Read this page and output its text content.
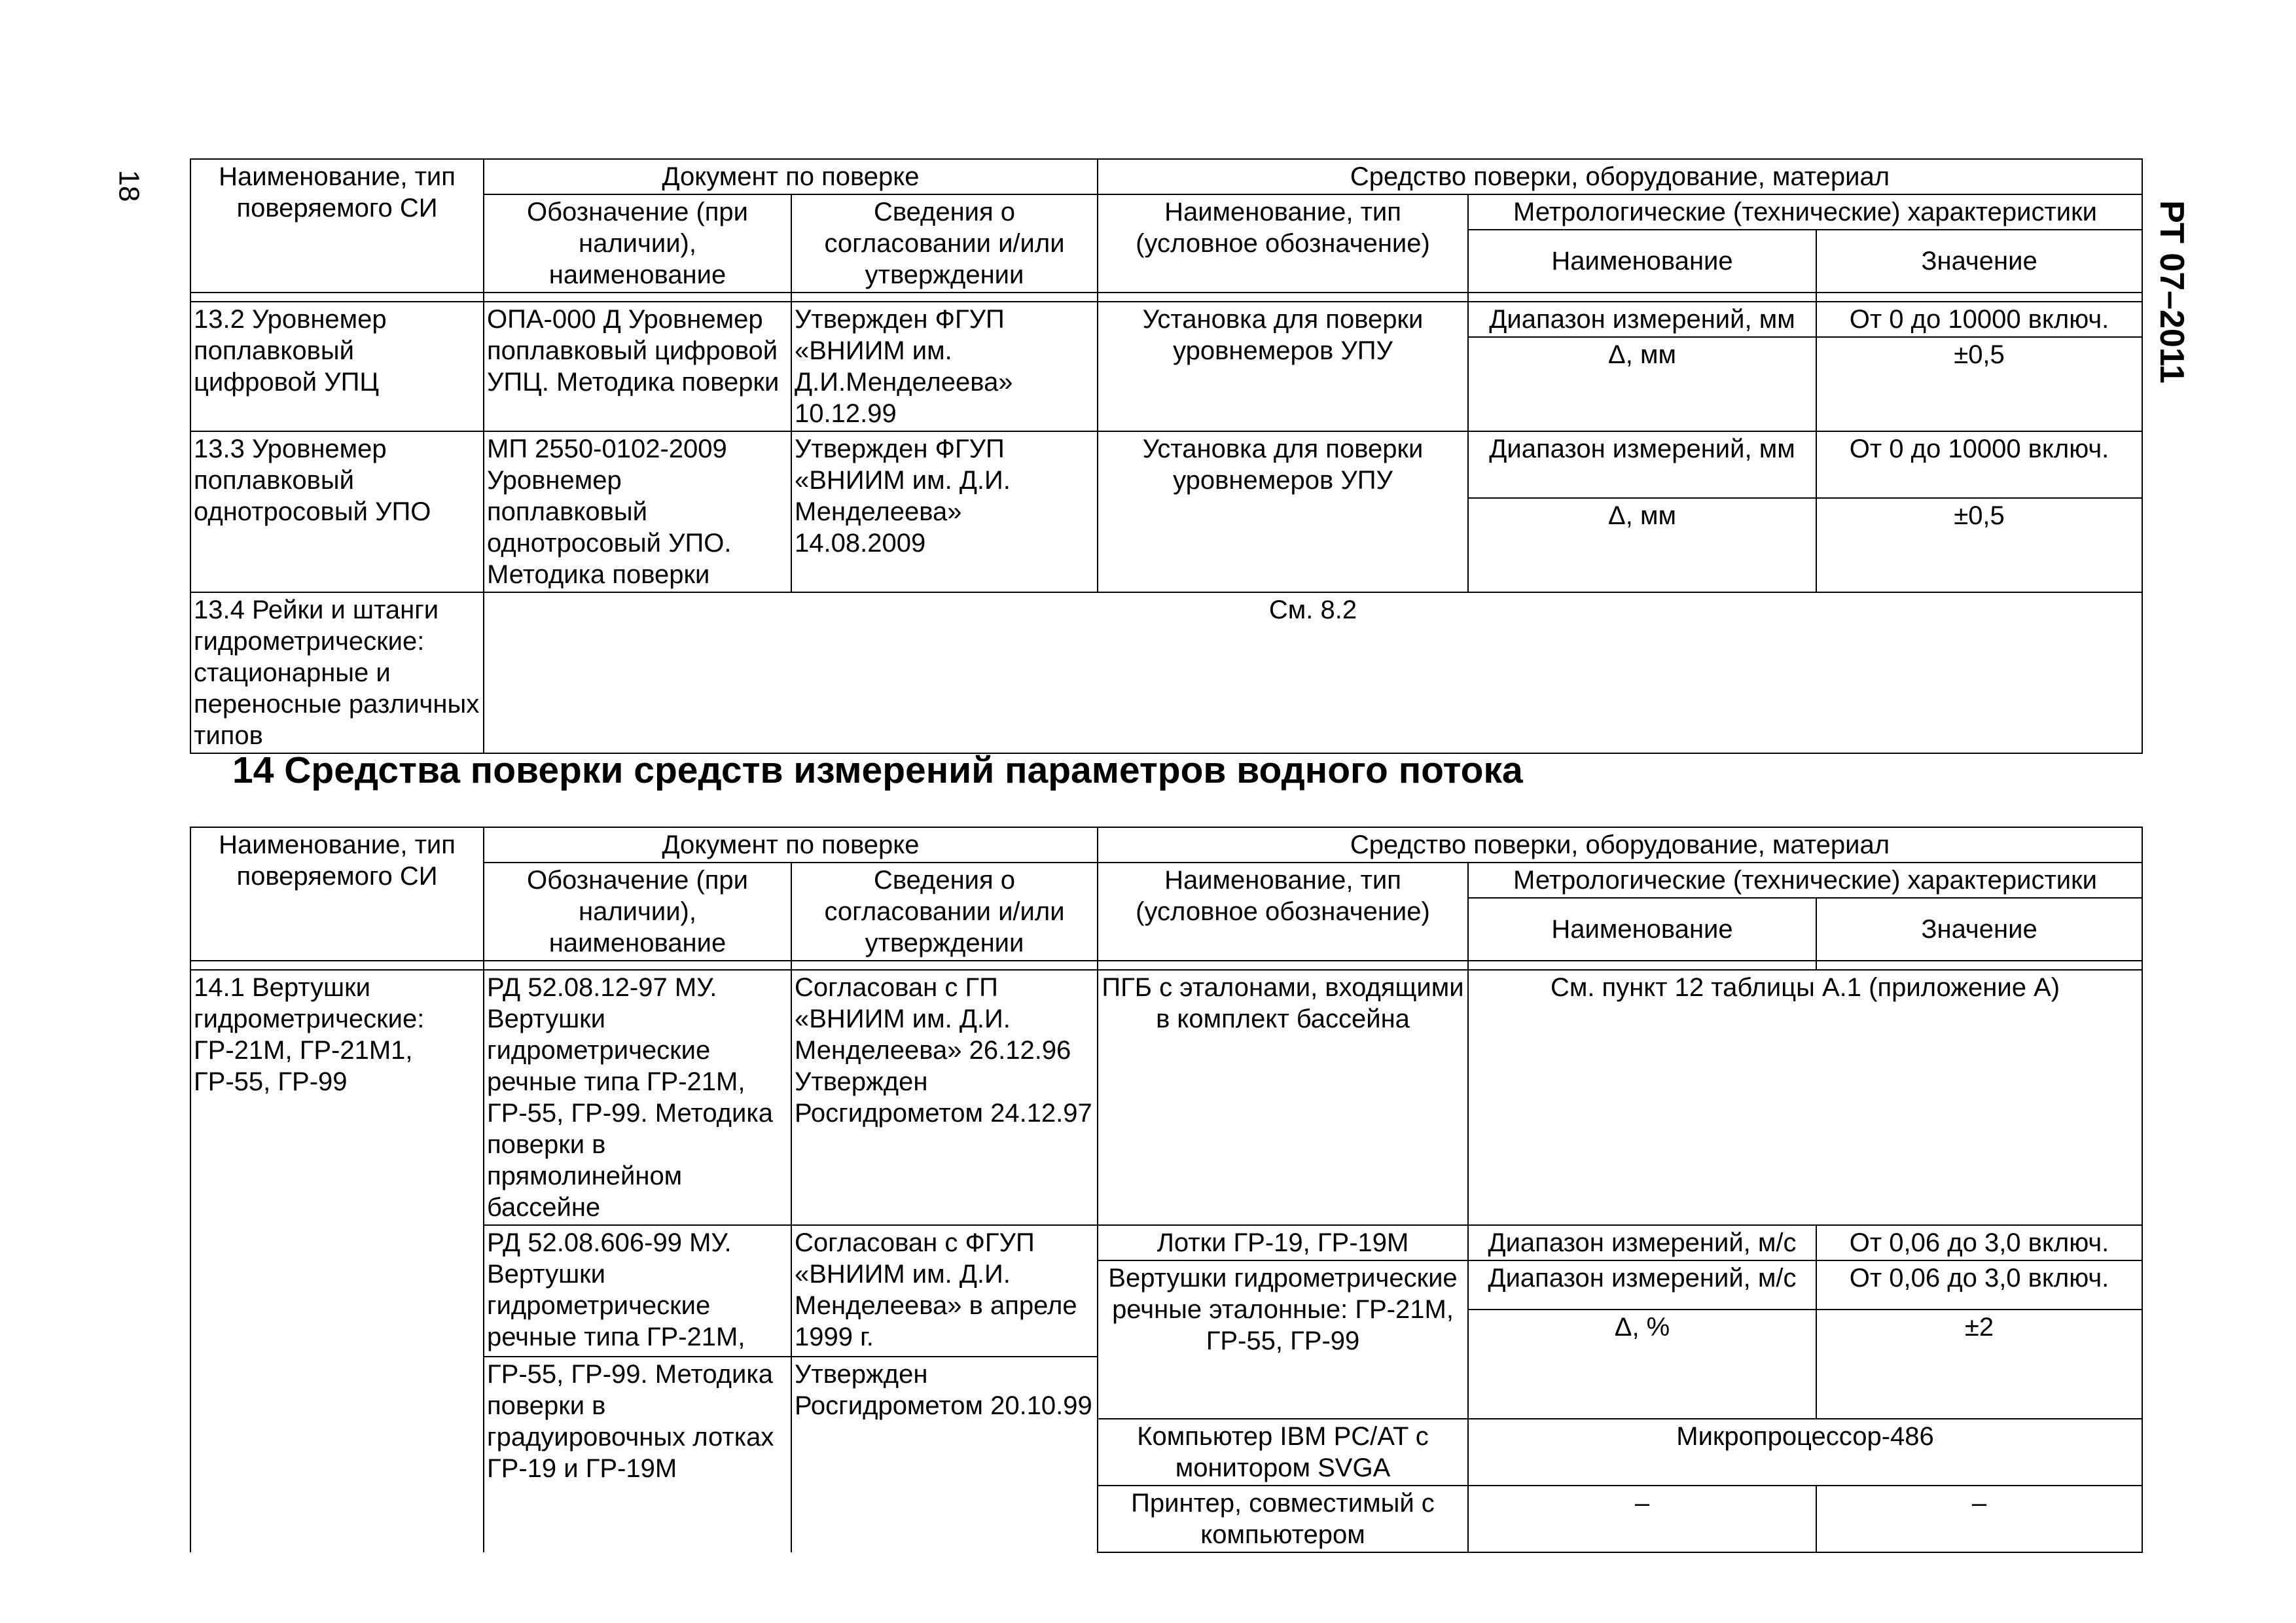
18
РТ 07–2011
Наименование, тип поверяемого СИ	Документ по поверке		Средство поверки, оборудование, материал		
	Обозначение (при наличии), наименование	Сведения о согласовании и/или утверждении	Наименование, тип (условное обозначение)	Метрологические (технические) характеристики	
				Наименование	Значение

13.2 Уровнемер поплавковый цифровой УПЦ	ОПА-000 Д Уровнемер поплавковый цифровой УПЦ. Методика поверки	Утвержден ФГУП «ВНИИМ им. Д.И.Менделеева» 10.12.99	Установка для поверки уровнемеров УПУ	Диапазон измерений, мм	От 0 до 10000 включ.
				Δ, мм	±0,5
13.3 Уровнемер поплавковый однотросовый УПО	МП 2550-0102-2009 Уровнемер поплавковый однотросовый УПО. Методика поверки	Утвержден ФГУП «ВНИИМ им. Д.И. Менделеева» 14.08.2009	Установка для поверки уровнемеров УПУ	Диапазон измерений, мм	От 0 до 10000 включ.
				Δ, мм	±0,5
13.4 Рейки и штанги гидрометрические: стационарные и переносные различных типов	См. 8.2				
14 Средства поверки средств измерений параметров водного потока
Наименование, тип поверяемого СИ	Документ по поверке		Средство поверки, оборудование, материал		
	Обозначение (при наличии), наименование	Сведения о согласовании и/или утверждении	Наименование, тип (условное обозначение)	Метрологические (технические) характеристики	
				Наименование	Значение

14.1 Вертушки гидрометрические: ГР-21М, ГР-21М1, ГР-55, ГР-99	РД 52.08.12-97 МУ. Вертушки гидрометрические речные типа ГР-21М, ГР-55, ГР-99. Методика поверки в прямолинейном бассейне	Согласован с ГП «ВНИИМ им. Д.И. Менделеева» 26.12.96 Утвержден Росгидрометом 24.12.97	ПГБ с эталонами, входящими в комплект бассейна	См. пункт 12 таблицы А.1 (приложение А)	
	РД 52.08.606-99 МУ. Вертушки гидрометрические речные типа ГР-21М,	Согласован с ФГУП «ВНИИМ им. Д.И. Менделеева» в апреле 1999 г.	Лотки ГР-19, ГР-19М	Диапазон измерений, м/с	От 0,06 до 3,0 включ.
			Вертушки гидрометрические речные эталонные: ГР-21М, ГР-55, ГР-99	Диапазон измерений, м/с	От 0,06 до 3,0 включ.
				Δ, %	±2
	ГР-55, ГР-99. Методика поверки в градуировочных лотках ГР-19 и ГР-19М	Утвержден Росгидрометом 20.10.99			
			Компьютер IBM PC/AT с монитором SVGA	Микропроцессор-486	
			Принтер, совместимый с компьютером	–	–
